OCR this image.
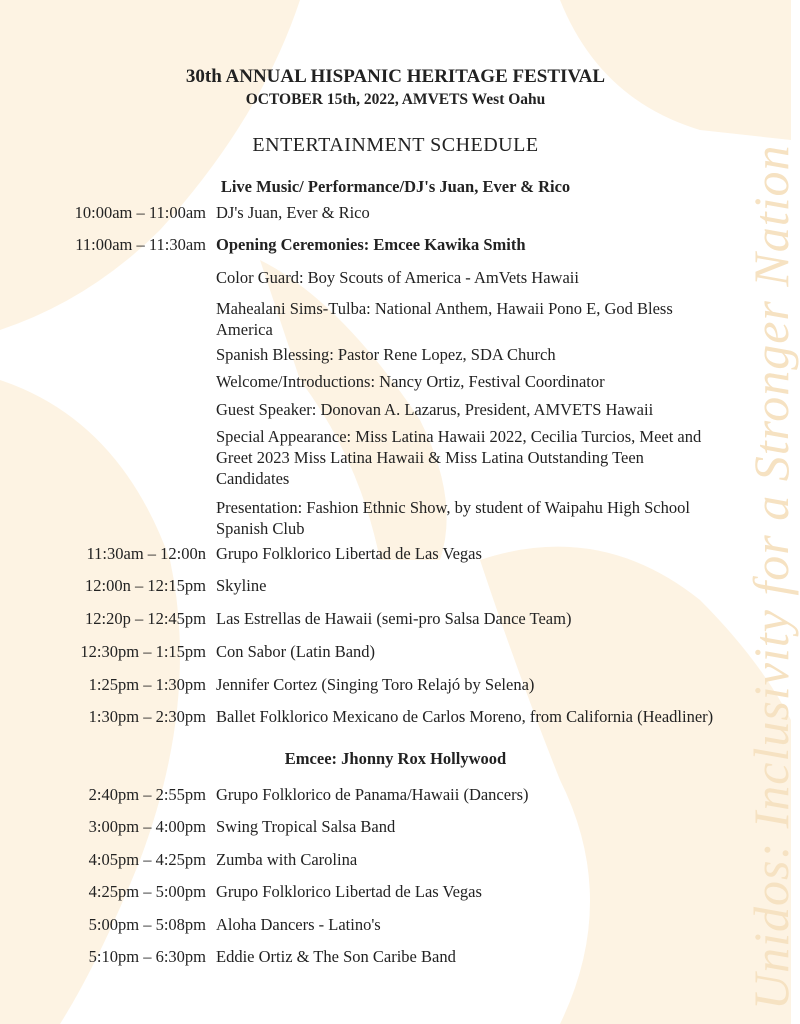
Unidos: Inclusivity for a Stronger Nation
30th ANNUAL HISPANIC HERITAGE FESTIVAL
OCTOBER 15th, 2022, AMVETS West Oahu
ENTERTAINMENT SCHEDULE
Live Music/ Performance/DJ's Juan, Ever & Rico
Emcee: Jhonny Rox Hollywood
10:00am – 11:00am DJ's Juan, Ever & Rico
11:00am – 11:30am Opening Ceremonies: Emcee Kawika Smith
Color Guard: Boy Scouts of America - AmVets Hawaii
Mahealani Sims-Tulba: National Anthem, Hawaii Pono E, God Bless America
Spanish Blessing: Pastor Rene Lopez, SDA Church
Welcome/Introductions: Nancy Ortiz, Festival Coordinator
Guest Speaker: Donovan A. Lazarus, President, AMVETS Hawaii
Special Appearance: Miss Latina Hawaii 2022, Cecilia Turcios, Meet and Greet 2023 Miss Latina Hawaii & Miss Latina Outstanding Teen Candidates
Presentation: Fashion Ethnic Show, by student of Waipahu High School Spanish Club
11:30am – 12:00n Grupo Folklorico Libertad de Las Vegas
12:00n – 12:15pm Skyline
12:20p – 12:45pm Las Estrellas de Hawaii (semi-pro Salsa Dance Team)
12:30pm – 1:15pm Con Sabor (Latin Band)
1:25pm – 1:30pm Jennifer Cortez (Singing Toro Relajó by Selena)
1:30pm – 2:30pm Ballet Folklorico Mexicano de Carlos Moreno, from California (Headliner)
2:40pm – 2:55pm Grupo Folklorico de Panama/Hawaii (Dancers)
3:00pm – 4:00pm Swing Tropical Salsa Band
4:05pm – 4:25pm Zumba with Carolina
4:25pm – 5:00pm Grupo Folklorico Libertad de Las Vegas
5:00pm – 5:08pm Aloha Dancers - Latino's
5:10pm – 6:30pm Eddie Ortiz & The Son Caribe Band
